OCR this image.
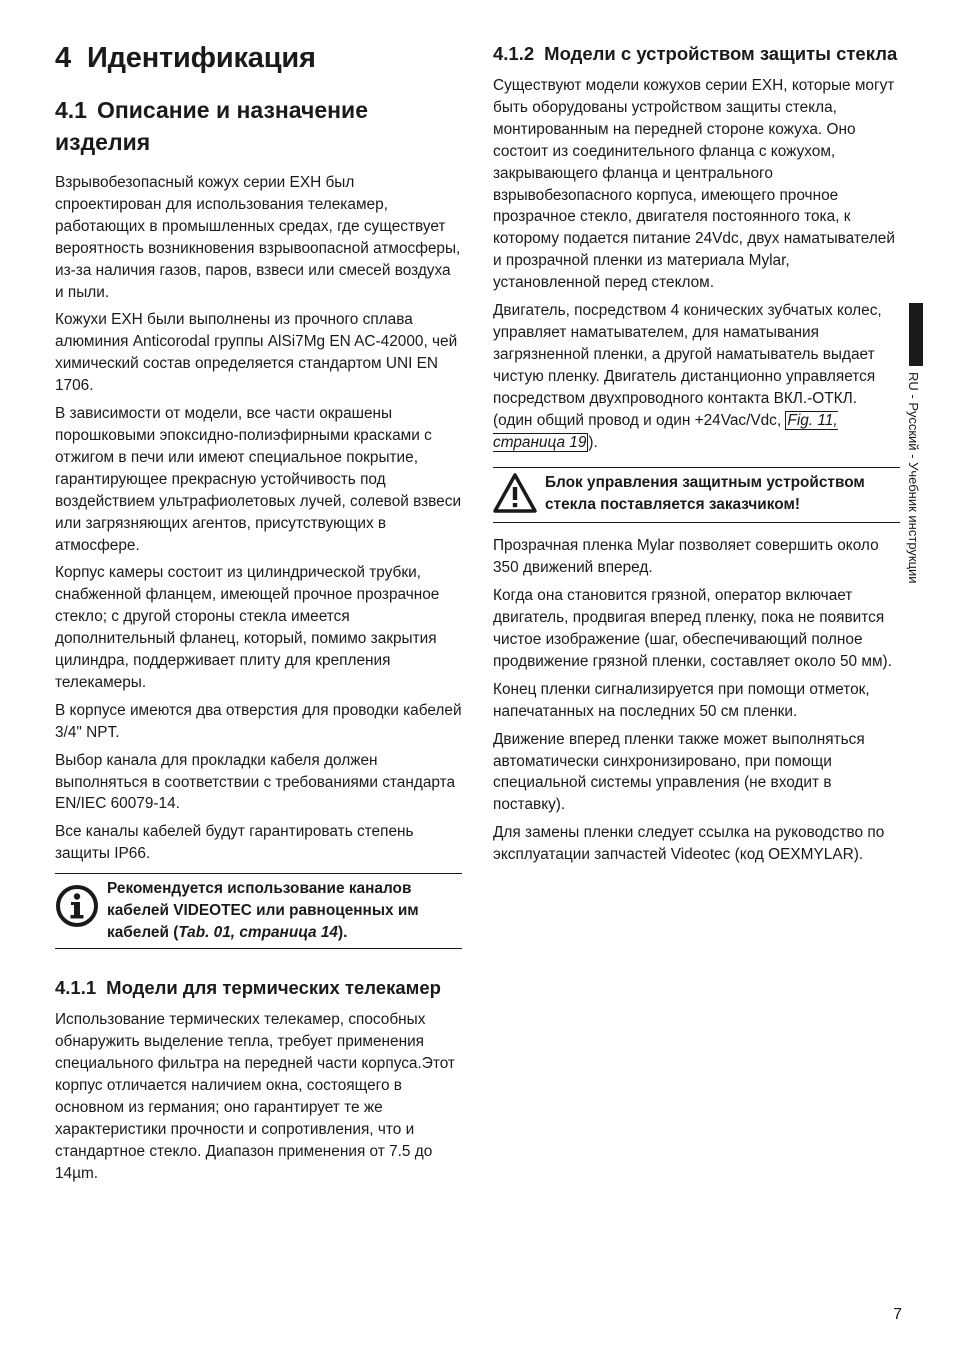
4 Идентификация
4.1 Описание и назначение изделия

Взрывобезопасный кожух серии EXH был спроектирован для использования телекамер, работающих в промышленных средах, где существует вероятность возникновения взрывоопасной атмосферы, из-за наличия газов, паров, взвеси или смесей воздуха и пыли.

Кожухи EXH были выполнены из прочного сплава алюминия Anticorodal группы AlSi7Mg EN AC-42000, чей химический состав определяется стандартом UNI EN 1706.

В зависимости от модели, все части окрашены порошковыми эпоксидно-полиэфирными красками с отжигом в печи или имеют специальное покрытие, гарантирующее прекрасную устойчивость под воздействием ультрафиолетовых лучей, солевой взвеси или загрязняющих агентов, присутствующих в атмосфере.

Корпус камеры состоит из цилиндрической трубки, снабженной фланцем, имеющей прочное прозрачное стекло; с другой стороны стекла имеется дополнительный фланец, который, помимо закрытия цилиндра, поддерживает плиту для крепления телекамеры.

В корпусе имеются два отверстия для проводки кабелей 3/4" NPT.

Выбор канала для прокладки кабеля должен выполняться в соответствии с требованиями стандарта EN/IEC 60079-14.

Все каналы кабелей будут гарантировать степень защиты IP66.

Рекомендуется использование каналов кабелей VIDEOTEC или равноценных им кабелей (Tab. 01, страница 14).
4.1.1 Модели для термических телекамер

Использование термических телекамер, способных обнаружить выделение тепла, требует применения специального фильтра на передней части корпуса.Этот корпус отличается наличием окна, состоящего в основном из германия; оно гарантирует те же характеристики прочности и сопротивления, что и стандартное стекло. Диапазон применения от 7.5 до 14µm.

4.1.2 Модели с устройством защиты стекла

Существуют модели кожухов серии EXH, которые могут быть оборудованы устройством защиты стекла, монтированным на передней стороне кожуха. Оно состоит из соединительного фланца с кожухом, закрывающего фланца и центрального взрывобезопасного корпуса, имеющего прочное прозрачное стекло, двигателя постоянного тока, к которому подается питание 24Vdc, двух наматывателей и прозрачной пленки из материала Mylar, установленной перед стеклом.

Двигатель, посредством 4 конических зубчатых колес, управляет наматывателем, для наматывания загрязненной пленки, а другой наматыватель выдает чистую пленку. Двигатель дистанционно управляется посредством двухпроводного контакта ВКЛ.-ОТКЛ. (один общий провод и один +24Vac/Vdc, Fig. 11, страница 19 ).

Блок управления защитным устройством стекла поставляется заказчиком!

Прозрачная пленка Mylar позволяет совершить около 350 движений вперед.

Когда она становится грязной, оператор включает двигатель, продвигая вперед пленку, пока не появится чистое изображение (шаг, обеспечивающий полное продвижение грязной пленки, составляет около 50 мм).

Конец пленки сигнализируется при помощи отметок, напечатанных на последних 50 см пленки.

Движение вперед пленки также может выполняться автоматически синхронизировано, при помощи специальной системы управления (не входит в поставку).

Для замены пленки следует ссылка на руководство по эксплуатации запчастей Videotec (код OEXMYLAR).

RU - Русский - Учебник инструкции
7
